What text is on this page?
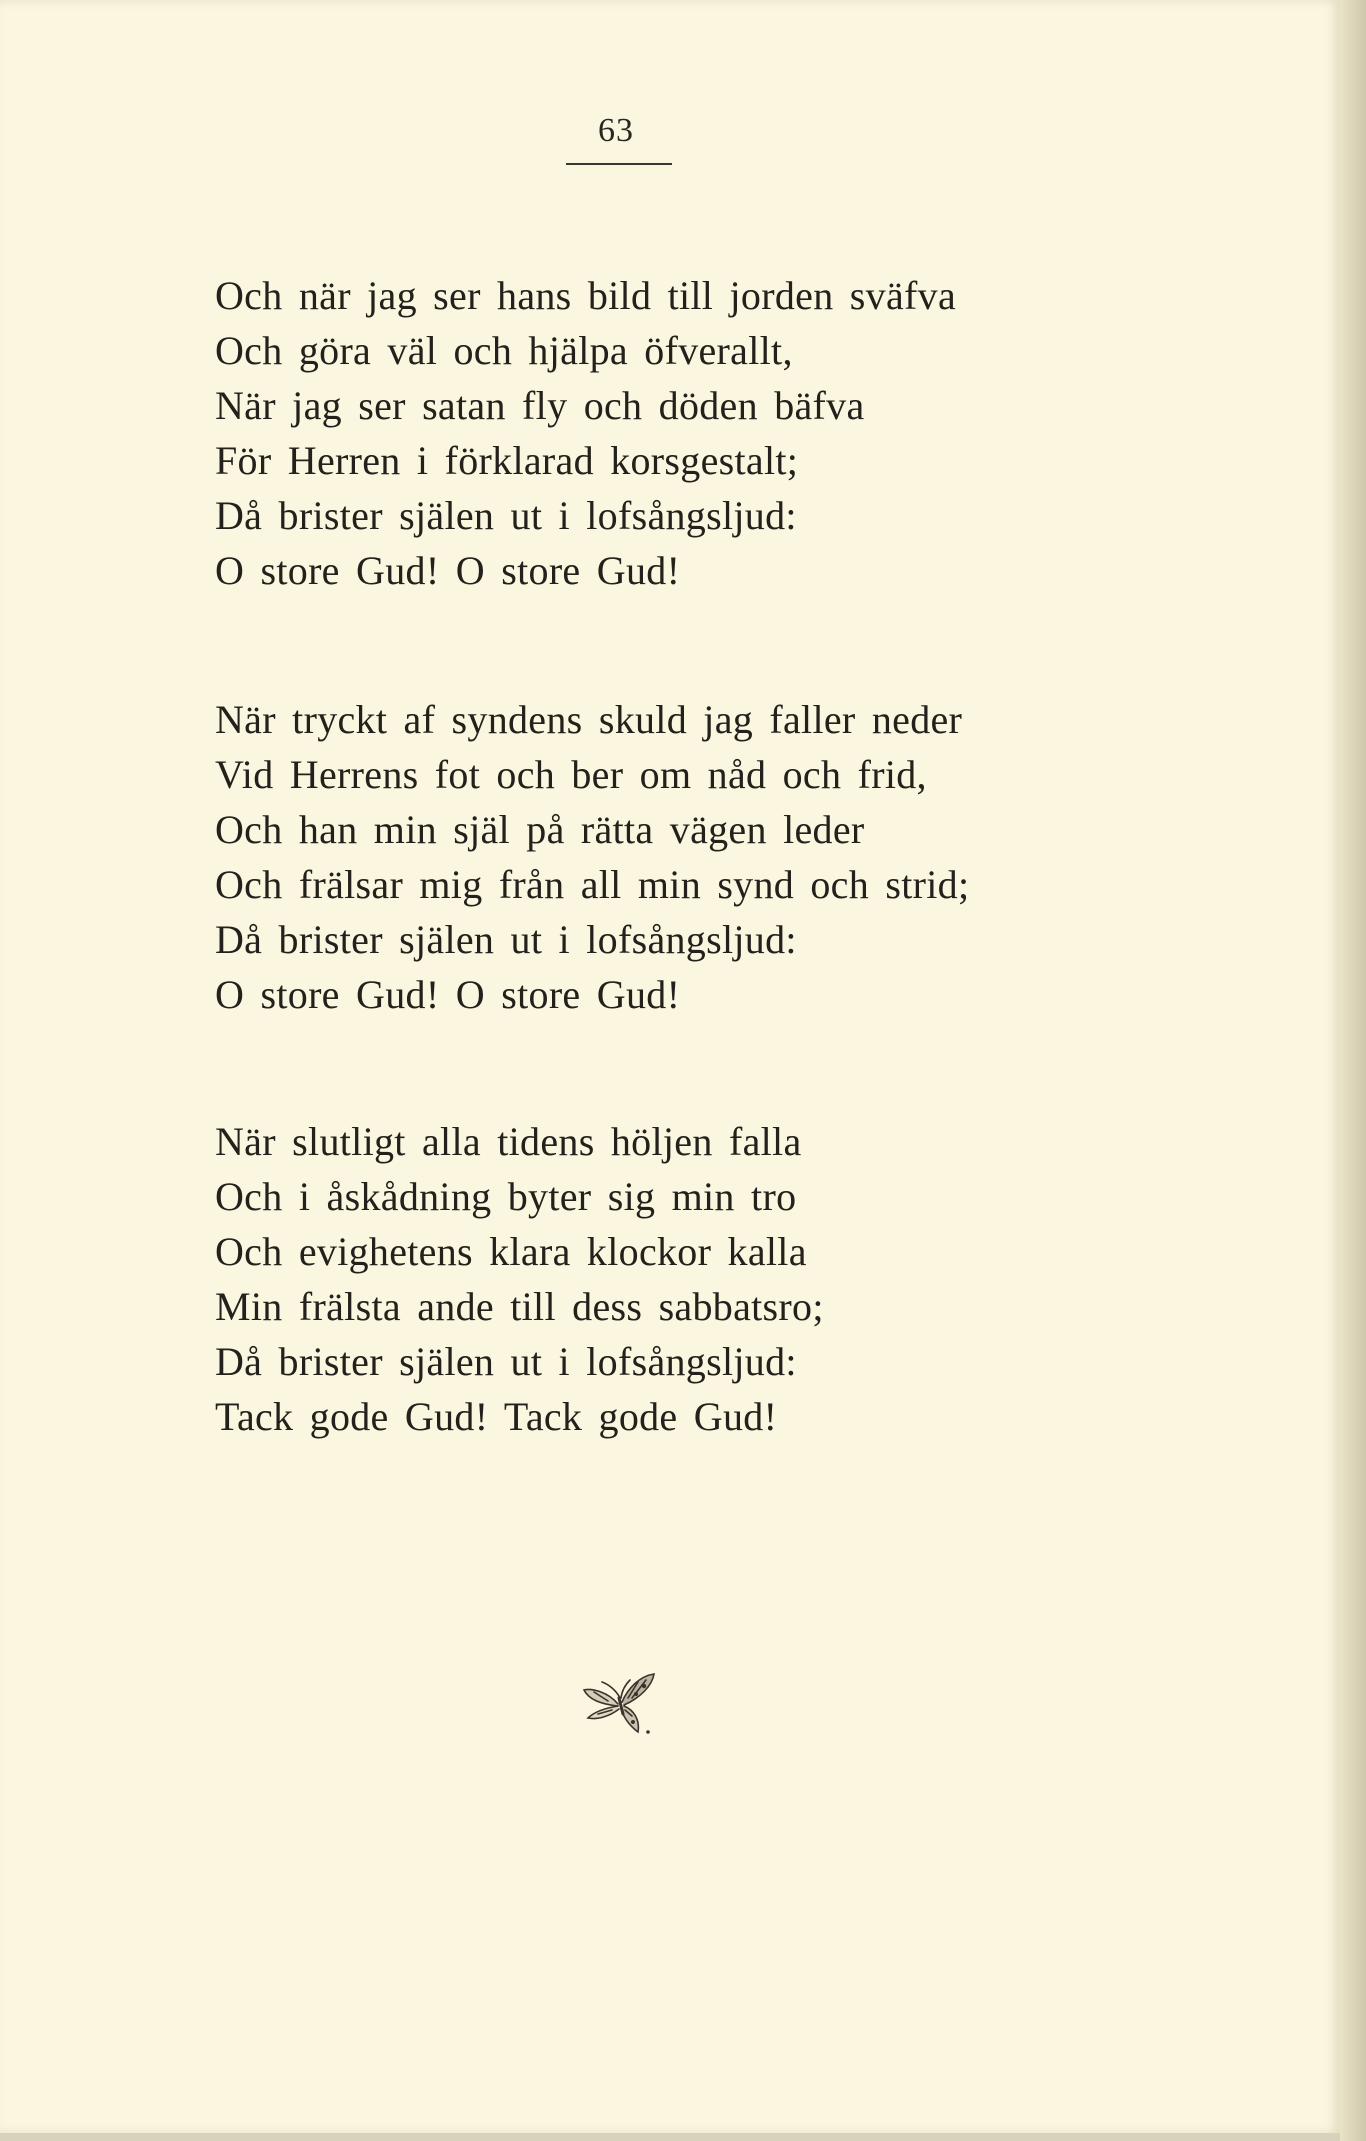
63
Och när jag ser hans bild till jorden sväfva
Och göra väl och hjälpa öfverallt,
När jag ser satan fly och döden bäfva
För Herren i förklarad korsgestalt;
Då brister själen ut i lofsångsljud:
O store Gud! O store Gud!
När tryckt af syndens skuld jag faller neder
Vid Herrens fot och ber om nåd och frid,
Och han min själ på rätta vägen leder
Och frälsar mig från all min synd och strid;
Då brister själen ut i lofsångsljud:
O store Gud! O store Gud!
När slutligt alla tidens höljen falla
Och i åskådning byter sig min tro
Och evighetens klara klockor kalla
Min frälsta ande till dess sabbatsro;
Då brister själen ut i lofsångsljud:
Tack gode Gud! Tack gode Gud!
